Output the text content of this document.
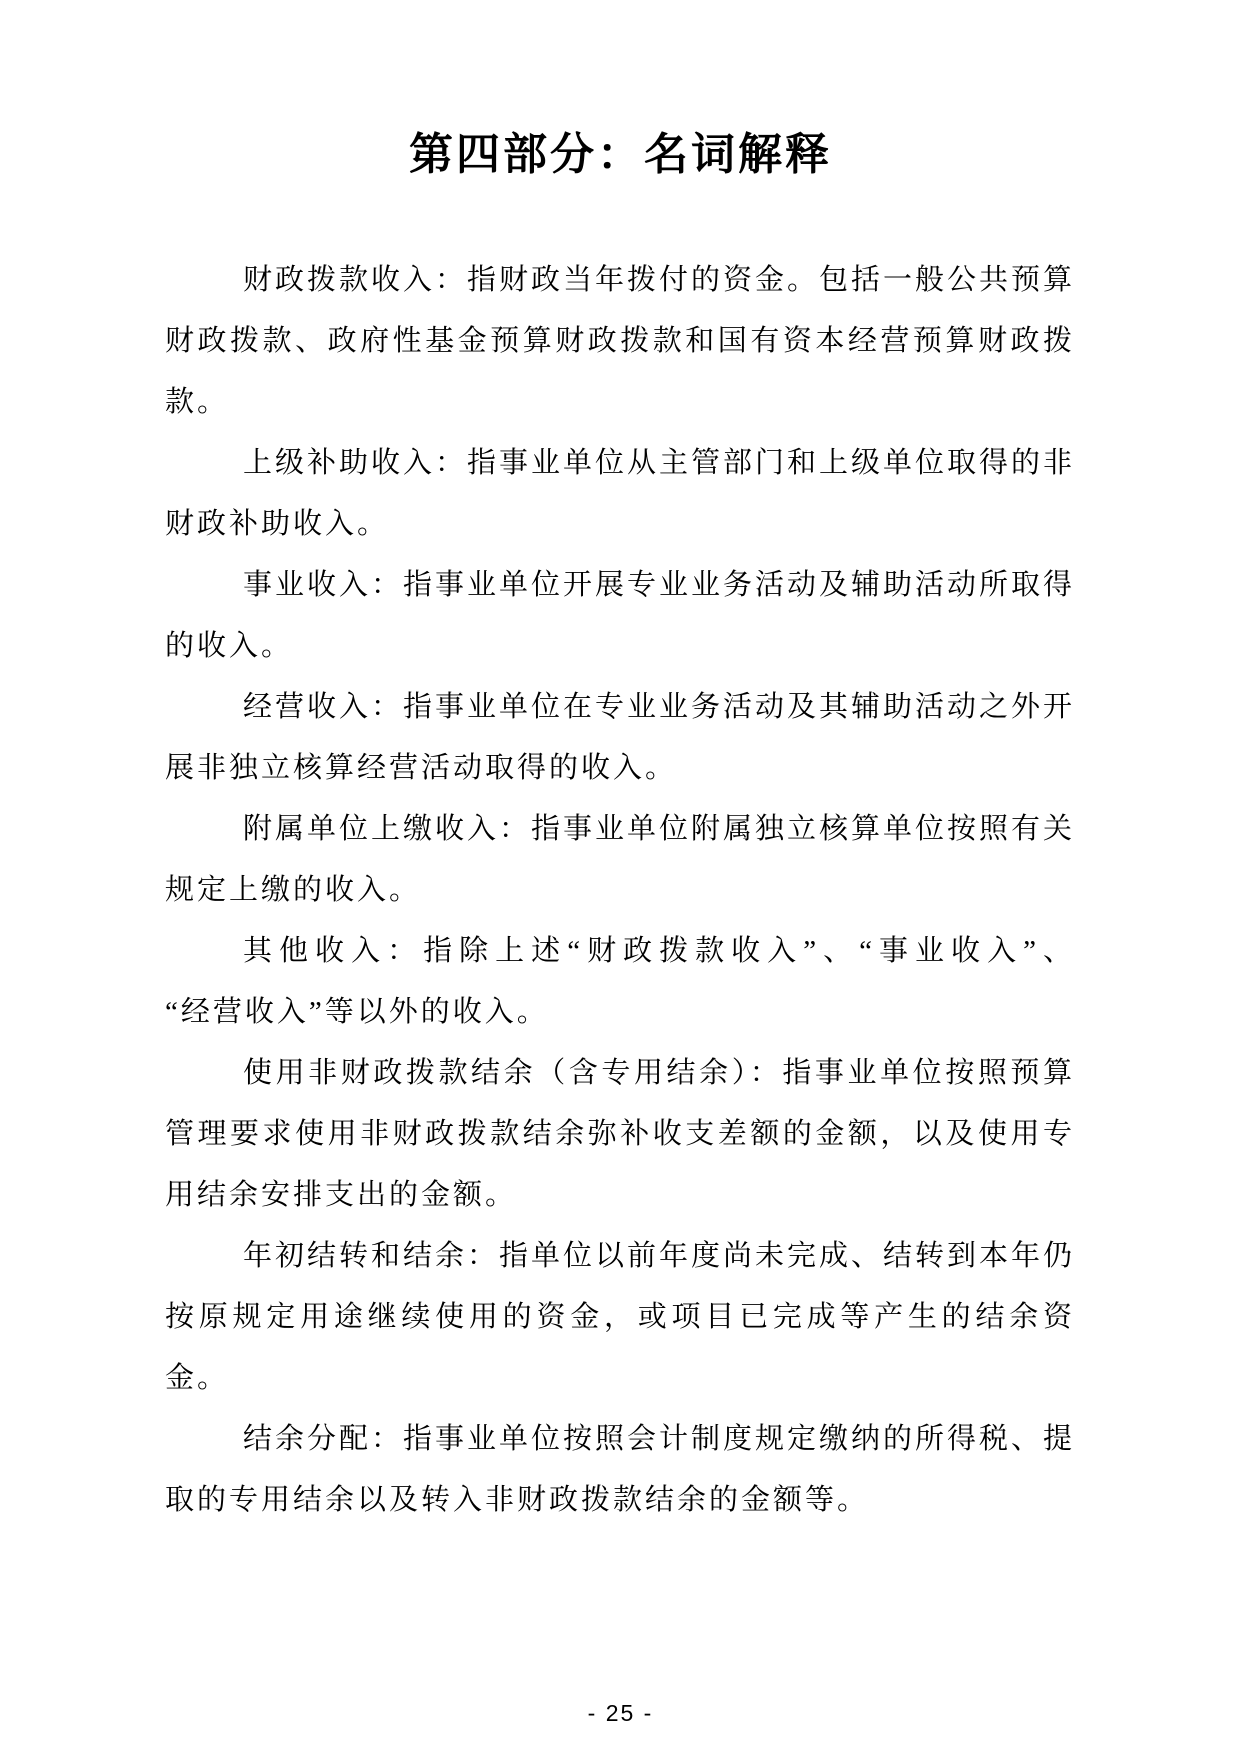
第四部分：名词解释
财政拨款收入：指财政当年拨付的资金。包括一般公共预算
财政拨款、政府性基金预算财政拨款和国有资本经营预算财政拨
款。
上级补助收入：指事业单位从主管部门和上级单位取得的非
财政补助收入。
事业收入：指事业单位开展专业业务活动及辅助活动所取得
的收入。
经营收入：指事业单位在专业业务活动及其辅助活动之外开
展非独立核算经营活动取得的收入。
附属单位上缴收入：指事业单位附属独立核算单位按照有关
规定上缴的收入。
其他收入：指除上述“财政拨款收入”、“事业收入”、
“经营收入”等以外的收入。
使用非财政拨款结余（含专用结余）：指事业单位按照预算
管理要求使用非财政拨款结余弥补收支差额的金额，以及使用专
用结余安排支出的金额。
年初结转和结余：指单位以前年度尚未完成、结转到本年仍
按原规定用途继续使用的资金，或项目已完成等产生的结余资
金。
结余分配：指事业单位按照会计制度规定缴纳的所得税、提
取的专用结余以及转入非财政拨款结余的金额等。
- 25 -
